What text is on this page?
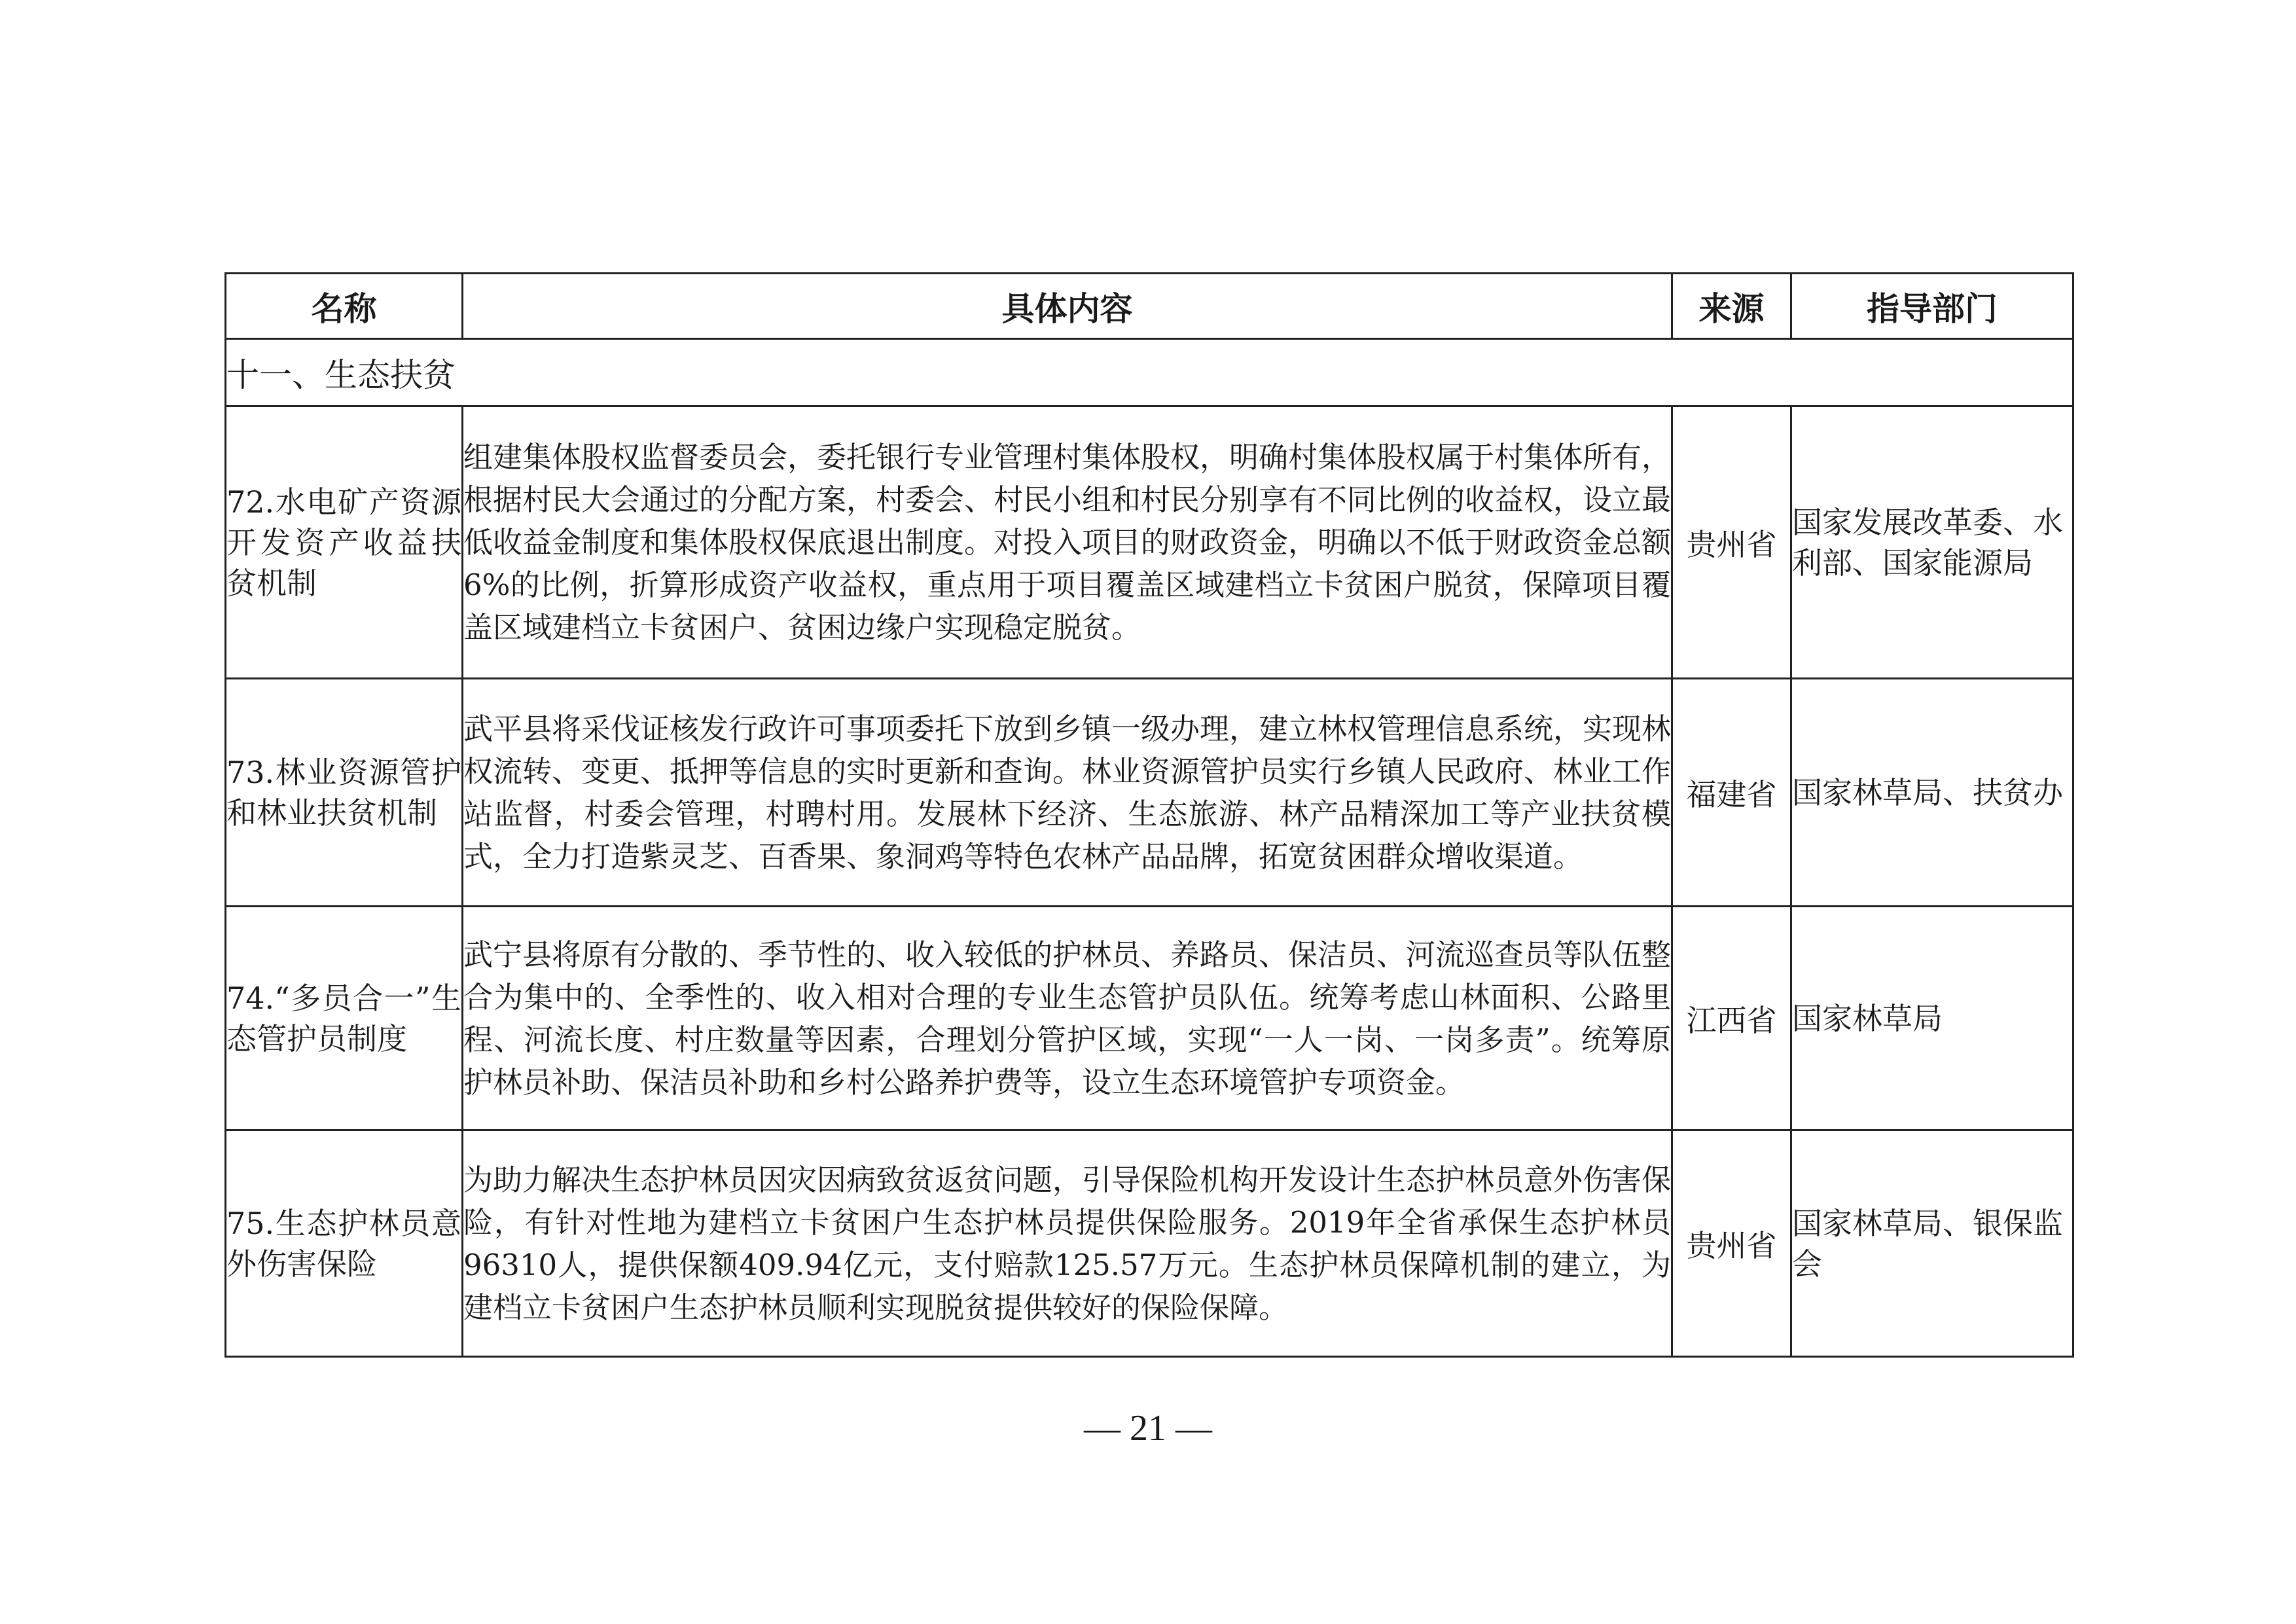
名称	具体内容	来源	指导部门
十一、生态扶贫			
72.水电矿产资源开发资产收益扶贫机制	组建集体股权监督委员会，委托银行专业管理村集体股权，明确村集体股权属于村集体所有，根据村民大会通过的分配方案，村委会、村民小组和村民分别享有不同比例的收益权，设立最低收益金制度和集体股权保底退出制度。对投入项目的财政资金，明确以不低于财政资金总额6%的比例，折算形成资产收益权，重点用于项目覆盖区域建档立卡贫困户脱贫，保障项目覆盖区域建档立卡贫困户、贫困边缘户实现稳定脱贫。	贵州省	国家发展改革委、水利部、国家能源局
73.林业资源管护和林业扶贫机制	武平县将采伐证核发行政许可事项委托下放到乡镇一级办理，建立林权管理信息系统，实现林权流转、变更、抵押等信息的实时更新和查询。林业资源管护员实行乡镇人民政府、林业工作站监督，村委会管理，村聘村用。发展林下经济、生态旅游、林产品精深加工等产业扶贫模式，全力打造紫灵芝、百香果、象洞鸡等特色农林产品品牌，拓宽贫困群众增收渠道。	福建省	国家林草局、扶贫办
74.“多员合一”生态管护员制度	武宁县将原有分散的、季节性的、收入较低的护林员、养路员、保洁员、河流巡查员等队伍整合为集中的、全季性的、收入相对合理的专业生态管护员队伍。统筹考虑山林面积、公路里程、河流长度、村庄数量等因素，合理划分管护区域，实现“一人一岗、一岗多责”。统筹原护林员补助、保洁员补助和乡村公路养护费等，设立生态环境管护专项资金。	江西省	国家林草局
75.生态护林员意外伤害保险	为助力解决生态护林员因灾因病致贫返贫问题，引导保险机构开发设计生态护林员意外伤害保险，有针对性地为建档立卡贫困户生态护林员提供保险服务。2019年全省承保生态护林员96310人，提供保额409.94亿元，支付赔款125.57万元。生态护林员保障机制的建立，为建档立卡贫困户生态护林员顺利实现脱贫提供较好的保险保障。	贵州省	国家林草局、银保监会
— 21 —
